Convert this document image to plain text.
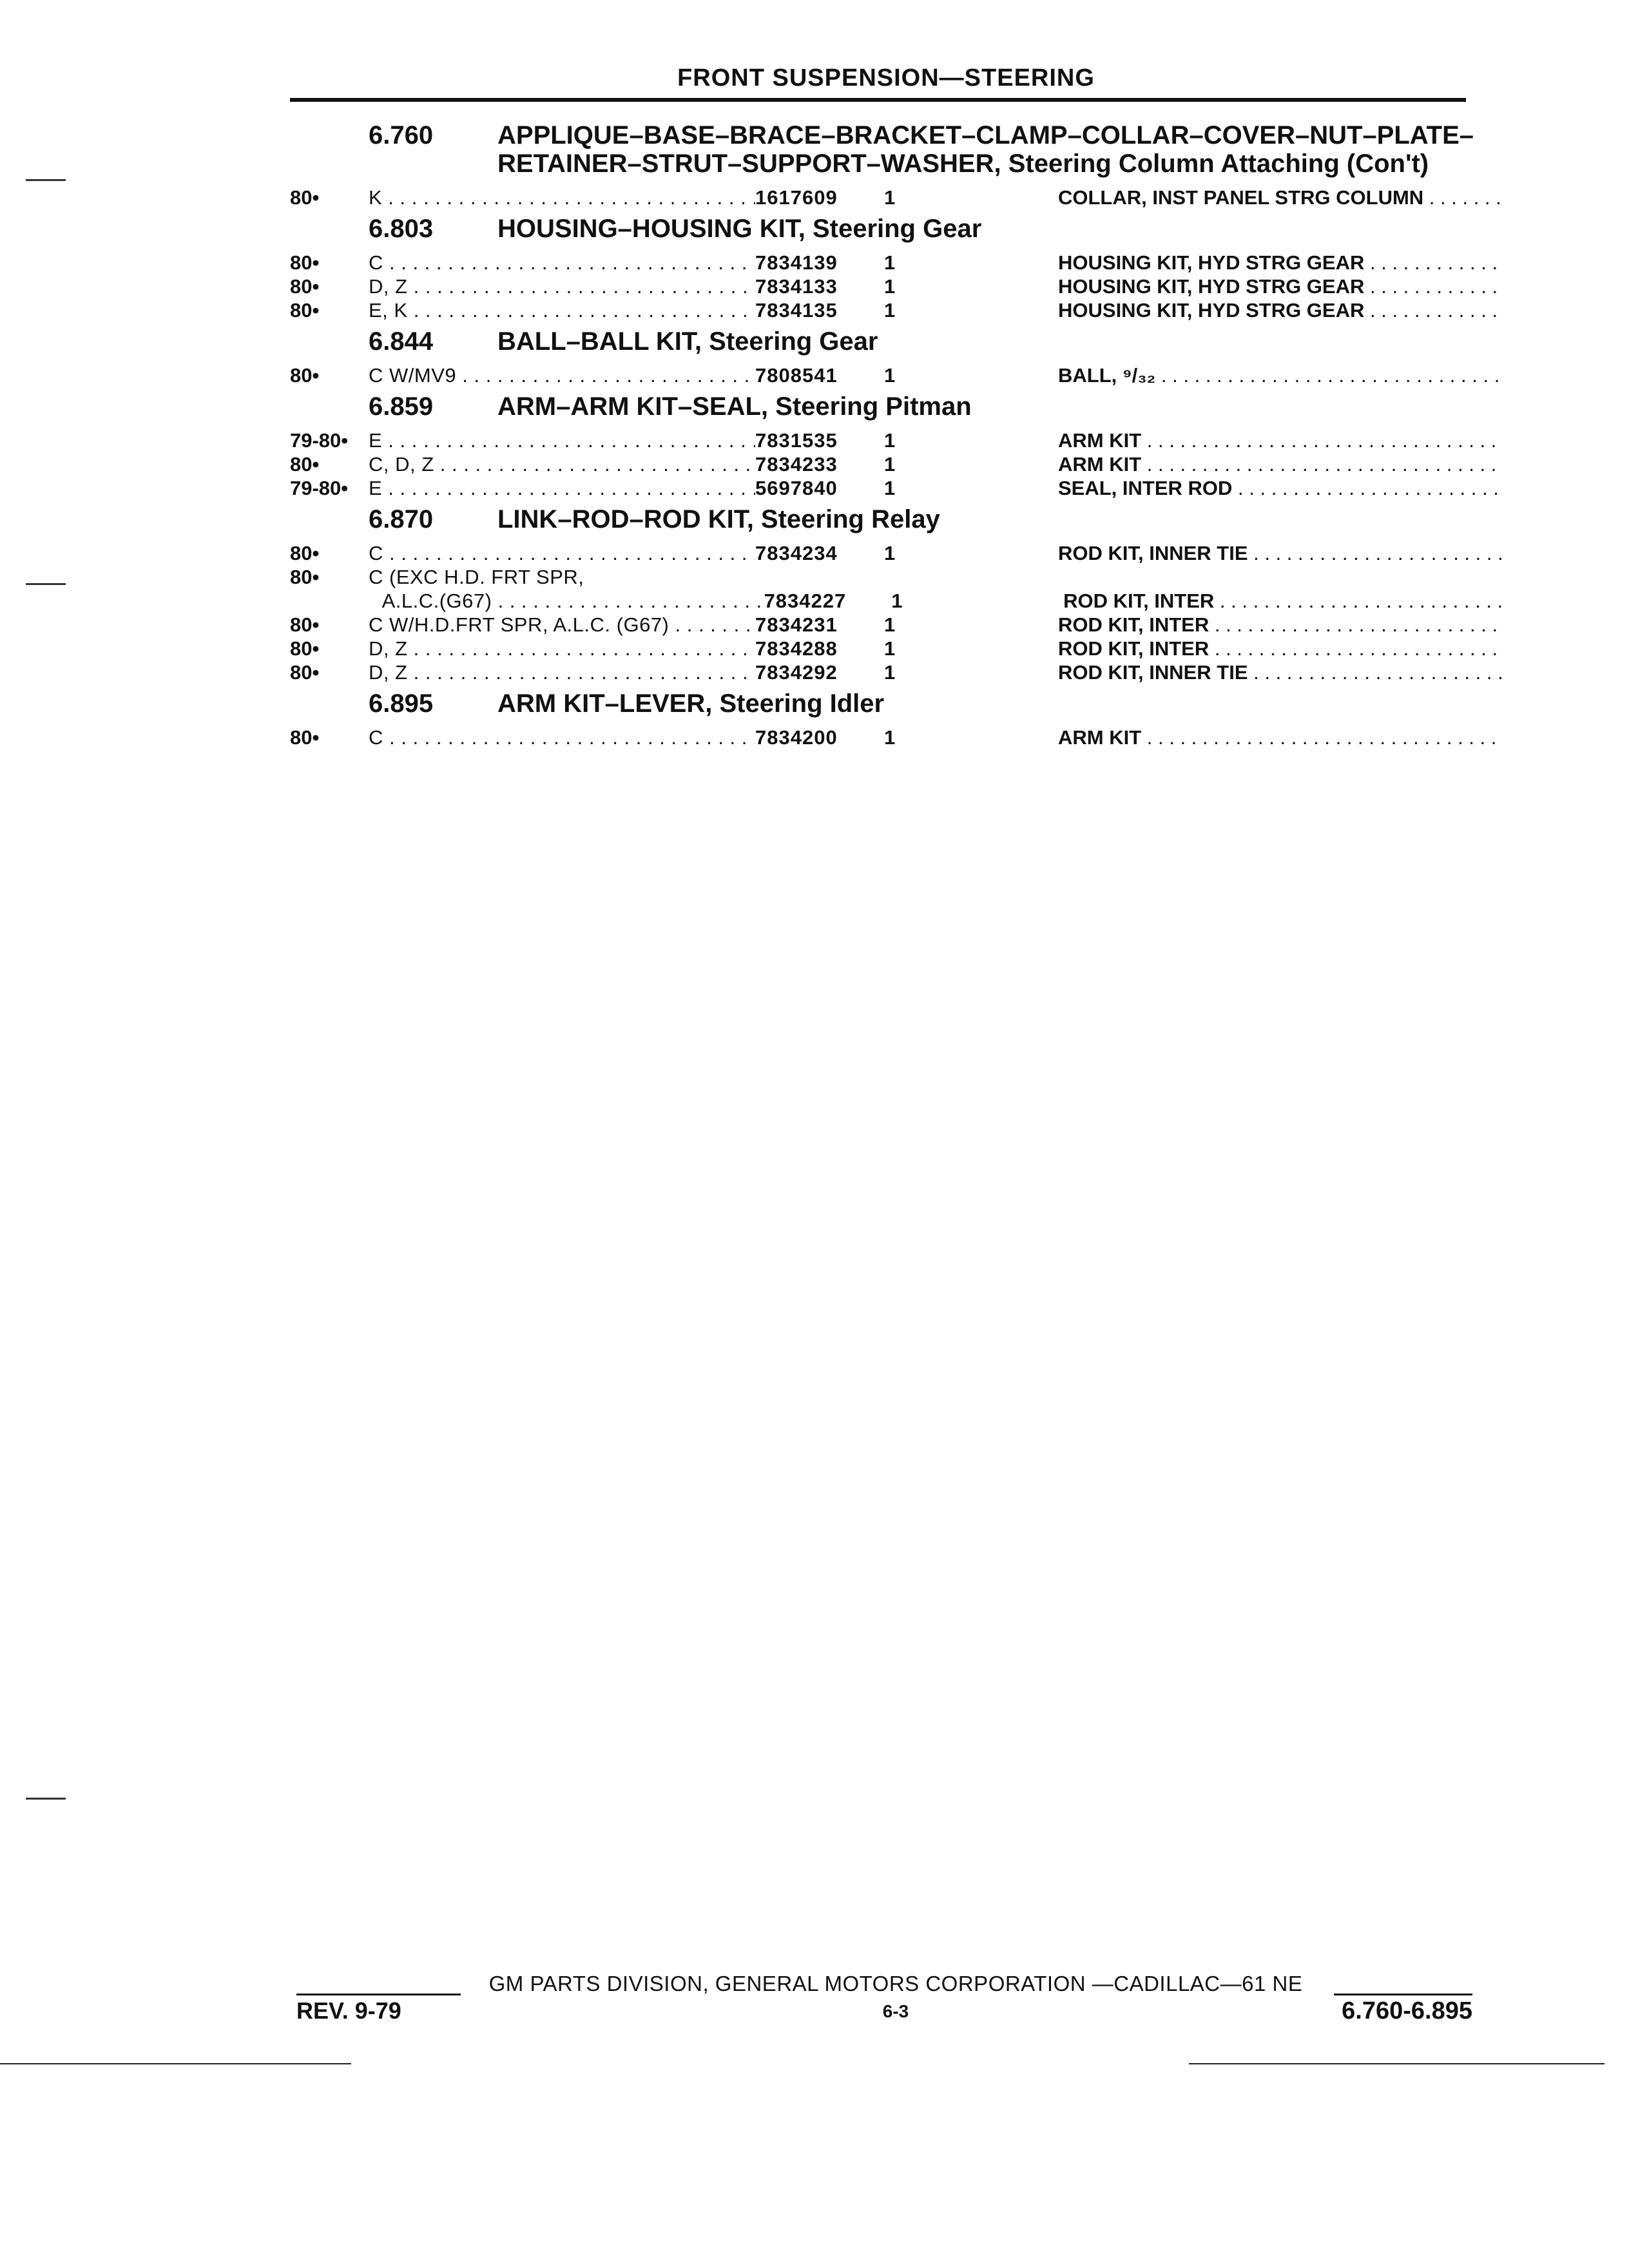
FRONT SUSPENSION—STEERING
6.760	APPLIQUE–BASE–BRACE–BRACKET–CLAMP–COLLAR–COVER–NUT–PLATE–RETAINER–STRUT–SUPPORT–WASHER, Steering Column Attaching (Con't)
80•	K . . .	1617609	1	COLLAR, INST PANEL STRG COLUMN . . .
6.803	HOUSING–HOUSING KIT, Steering Gear
80•	C . . .	7834139	1	HOUSING KIT, HYD STRG GEAR . . .
80•	D, Z . . .	7834133	1	HOUSING KIT, HYD STRG GEAR . . .
80•	E, K . . .	7834135	1	HOUSING KIT, HYD STRG GEAR . . .
6.844	BALL–BALL KIT, Steering Gear
80•	C W/MV9 . . .	7808541	1	BALL, ⁹/₃₂ . . .
6.859	ARM–ARM KIT–SEAL, Steering Pitman
79-80•	E . . .	7831535	1	ARM KIT . . .
80•	C, D, Z . . .	7834233	1	ARM KIT . . .
79-80•	E . . .	5697840	1	SEAL, INTER ROD . . .
6.870	LINK–ROD–ROD KIT, Steering Relay
80•	C . . .	7834234	1	ROD KIT, INNER TIE . . .
80•	C (EXC H.D. FRT SPR,
A.L.C.(G67) . . .	7834227	1	ROD KIT, INTER . . .
80•	C W/H.D.FRT SPR, A.L.C. (G67) . . .	7834231	1	ROD KIT, INTER . . .
80•	D, Z . . .	7834288	1	ROD KIT, INTER . . .
80•	D, Z . . .	7834292	1	ROD KIT, INNER TIE . . .
6.895	ARM KIT–LEVER, Steering Idler
80•	C . . .	7834200	1	ARM KIT . . .
GM PARTS DIVISION, GENERAL MOTORS CORPORATION —CADILLAC—61 NE
REV. 9-79	6-3	6.760-6.895
